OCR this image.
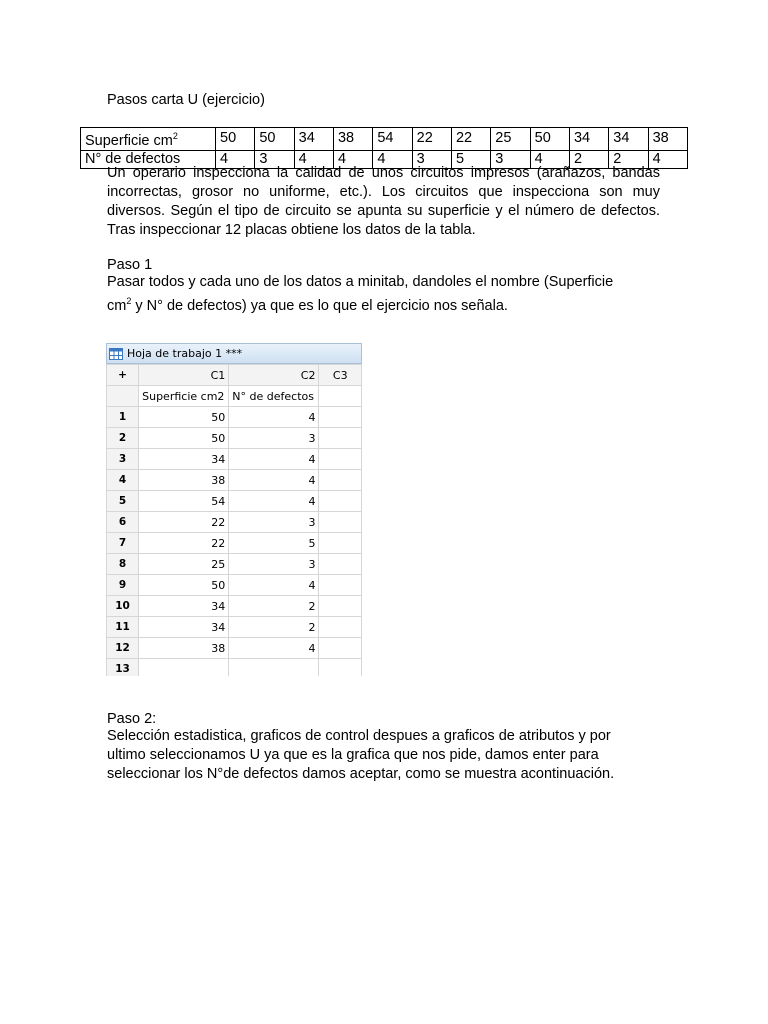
Pasos carta U (ejercicio)
Superficie $cm^2$	50	50	34	38	54	22	22	25	50	34	34	38
N° de defectos	4	3	4	4	4	3	5	3	4	2	2	4
Un operario inspecciona la calidad de unos circuitos impresos (arañazos, bandas
incorrectas, grosor no uniforme, etc.). Los circuitos que inspecciona son muy
diversos. Según el tipo de circuito se apunta su superficie y el número de defectos.
Tras inspeccionar 12 placas obtiene los datos de la tabla.
Paso 1
Pasar todos y cada uno de los datos a minitab, dandoles el nombre (Superficie
$cm^2$ y N° de defectos) ya que es lo que el ejercicio nos señala.
Hoja de trabajo 1 ***
+	C1	C2	C3
	Superficie cm2	N° de defectos	
1	50	4	
2	50	3	
3	34	4	
4	38	4	
5	54	4	
6	22	3	
7	22	5	
8	25	3	
9	50	4	
10	34	2	
11	34	2	
12	38	4	
13			
Paso 2:
Selección estadistica, graficos de control despues a graficos de atributos y por
ultimo seleccionamos U ya que es la grafica que nos pide, damos enter para
seleccionar los N°de defectos damos aceptar, como se muestra acontinuación.
